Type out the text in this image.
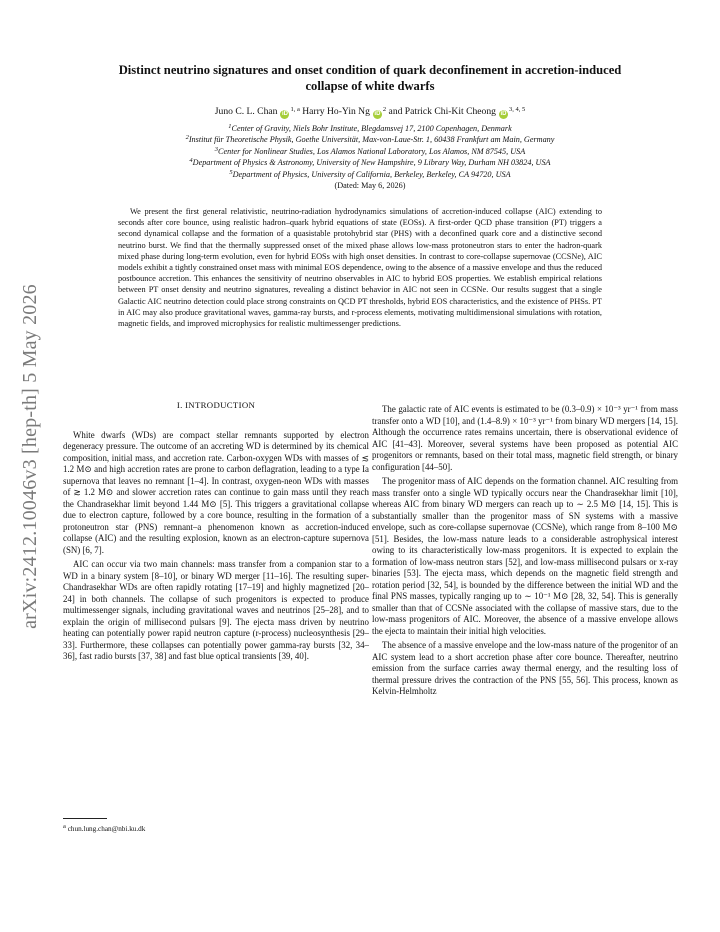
arXiv:2412.10046v3 [hep-th] 5 May 2026
Distinct neutrino signatures and onset condition of quark deconfinement in accretion-induced
collapse of white dwarfs
Juno C. L. Chan iD$^{1, a}$ Harry Ho-Yin Ng $iD^2$ and Patrick Chi-Kit Cheong iD$^{3, 4, 5}$
$^1$Center of Gravity, Niels Bohr Institute, Blegdamsvej 17, 2100 Copenhagen, Denmark
$^2$Institut für Theoretische Physik, Goethe Universität, Max-von-Laue-Str. 1, 60438 Frankfurt am Main, Germany
$^3$Center for Nonlinear Studies, Los Alamos National Laboratory, Los Alamos, NM 87545, USA
$^4$Department of Physics & Astronomy, University of New Hampshire, 9 Library Way, Durham NH 03824, USA
$^5$Department of Physics, University of California, Berkeley, Berkeley, CA 94720, USA
(Dated: May 6, 2026)
We present the first general relativistic, neutrino-radiation hydrodynamics simulations of accretion-induced collapse (AIC) extending to seconds after core bounce, using realistic hadron–quark hybrid equations of state (EOSs). A first-order QCD phase transition (PT) triggers a second dynamical collapse and the formation of a quasistable protohybrid star (PHS) with a deconfined quark core and a distinctive second neutrino burst. We find that the thermally suppressed onset of the mixed phase allows low-mass protoneutron stars to enter the hadron-quark mixed phase during long-term evolution, even for hybrid EOSs with high onset densities. In contrast to core-collapse supernovae (CCSNe), AIC models exhibit a tightly constrained onset mass with minimal EOS dependence, owing to the absence of a massive envelope and thus the reduced postbounce accretion. This enhances the sensitivity of neutrino observables in AIC to hybrid EOS properties. We establish empirical relations between PT onset density and neutrino signatures, revealing a distinct behavior in AIC not seen in CCSNe. Our results suggest that a single Galactic AIC neutrino detection could place strong constraints on QCD PT thresholds, hybrid EOS characteristics, and the existence of PHSs. PT in AIC may also produce gravitational waves, gamma-ray bursts, and r-process elements, motivating multidimensional simulations with rotation, magnetic fields, and improved microphysics for realistic multimessenger predictions.
I. INTRODUCTION

White dwarfs (WDs) are compact stellar remnants supported by electron degeneracy pressure. The outcome of an accreting WD is determined by its chemical composition, initial mass, and accretion rate. Carbon-oxygen WDs with masses of ≲ 1.2 M⊙ and high accretion rates are prone to carbon deflagration, leading to a type Ia supernova that leaves no remnant [1–4]. In contrast, oxygen-neon WDs with masses of ≳ 1.2 M⊙ and slower accretion rates can continue to gain mass until they reach the Chandrasekhar limit beyond 1.44 M⊙ [5]. This triggers a gravitational collapse due to electron capture, followed by a core bounce, resulting in the formation of a protoneutron star (PNS) remnant–a phenomenon known as accretion-induced collapse (AIC) and the resulting explosion, known as an electron-capture supernova (SN) [6, 7].

AIC can occur via two main channels: mass transfer from a companion star to a WD in a binary system [8–10], or binary WD merger [11–16]. The resulting super-Chandrasekhar WDs are often rapidly rotating [17–19] and highly magnetized [20–24] in both channels. The collapse of such progenitors is expected to produce multimessenger signals, including gravitational waves and neutrinos [25–28], and to explain the origin of millisecond pulsars [9]. The ejecta mass driven by neutrino heating can potentially power rapid neutron capture (r-process) nucleosynthesis [29–33]. Furthermore, these collapses can potentially power gamma-ray bursts [32, 34–36], fast radio bursts [37, 38] and fast blue optical transients [39, 40].

The galactic rate of AIC events is estimated to be (0.3–0.9) × 10⁻³ yr⁻¹ from mass transfer onto a WD [10], and (1.4–8.9) × 10⁻³ yr⁻¹ from binary WD mergers [14, 15]. Although the occurrence rates remains uncertain, there is observational evidence of AIC [41–43]. Moreover, several systems have been proposed as potential AIC progenitors or remnants, based on their total mass, magnetic field strength, or binary configuration [44–50].

The progenitor mass of AIC depends on the formation channel. AIC resulting from mass transfer onto a single WD typically occurs near the Chandrasekhar limit [10], whereas AIC from binary WD mergers can reach up to ∼ 2.5 M⊙ [14, 15]. This is substantially smaller than the progenitor mass of SN systems with a massive envelope, such as core-collapse supernovae (CCSNe), which range from 8–100 M⊙ [51]. Besides, the low-mass nature leads to a considerable astrophysical interest owing to its characteristically low-mass progenitors. It is expected to explain the formation of low-mass neutron stars [52], and low-mass millisecond pulsars or x-ray binaries [53]. The ejecta mass, which depends on the magnetic field strength and rotation period [32, 54], is bounded by the difference between the initial WD and the final PNS masses, typically ranging up to ∼ 10⁻¹ M⊙ [28, 32, 54]. This is generally smaller than that of CCSNe associated with the collapse of massive stars, due to the low-mass progenitors of AIC. Moreover, the absence of a massive envelope allows the ejecta to maintain their initial high velocities.

The absence of a massive envelope and the low-mass nature of the progenitor of an AIC system lead to a short accretion phase after core bounce. Thereafter, neutrino emission from the surface carries away thermal energy, and the resulting loss of thermal pressure drives the contraction of the PNS [55, 56]. This process, known as Kelvin-Helmholtz

$^a$ chun.lung.chan@nbi.ku.dk
